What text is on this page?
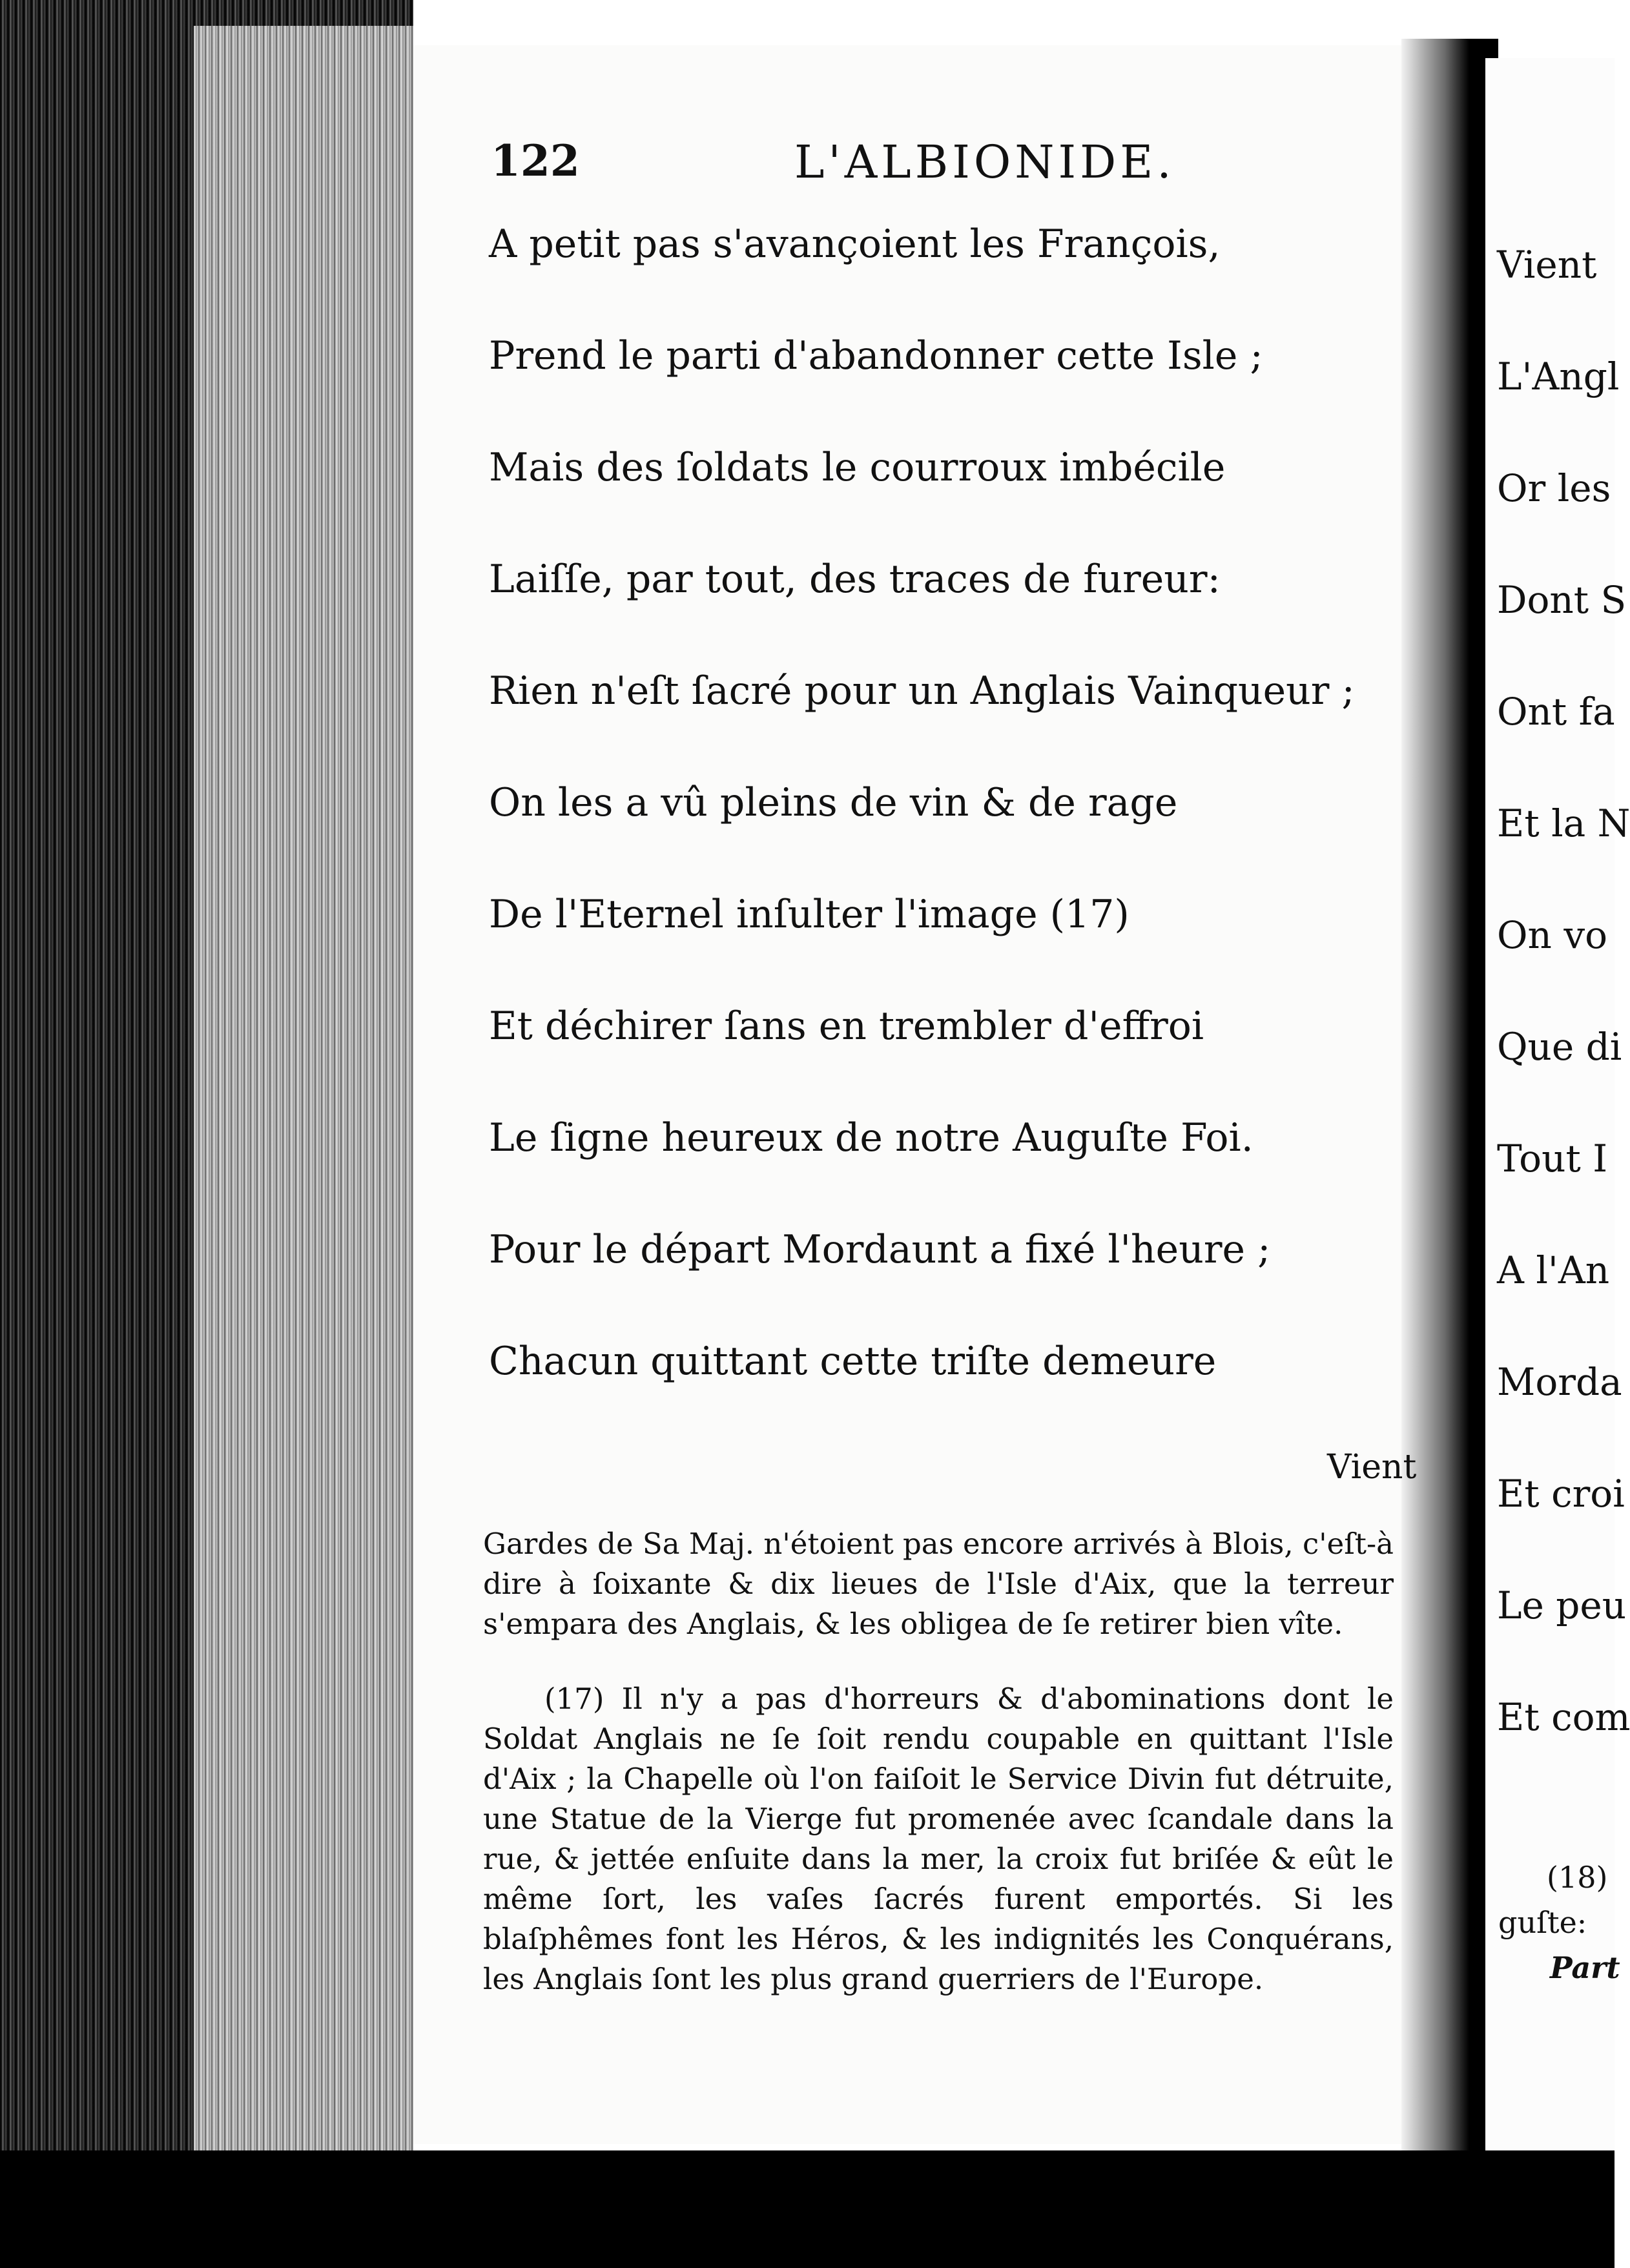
122	L'ALBIONIDE.
A petit pas s'avançoient les François,
Prend le parti d'abandonner cette Isle ;
Mais des ſoldats le courroux imbécile
Laiſſe, par tout, des traces de fureur:
Rien n'eſt ſacré pour un Anglais Vainqueur ;
On les a vû pleins de vin & de rage
De l'Eternel inſulter l'image (17)
Et déchirer ſans en trembler d'effroi
Le ſigne heureux de notre Auguſte Foi.
Pour le départ Mordaunt a fixé l'heure ;
Chacun quittant cette triſte demeure
Vient

Gardes de Sa Maj. n'étoient pas encore arrivés à Blois, c'eſt-à dire à ſoixante & dix lieues de l'Isle d'Aix, que la terreur s'empara des Anglais, & les obligea de ſe retirer bien vîte.

(17) Il n'y a pas d'horreurs & d'abominations dont le Soldat Anglais ne ſe ſoit rendu coupable en quittant l'Isle d'Aix ; la Chapelle où l'on faiſoit le Service Divin fut détruite, une Statue de la Vierge fut promenée avec ſcandale dans la rue, & jettée enſuite dans la mer, la croix fut briſée & eût le même ſort, les vaſes ſacrés furent emportés. Si les blaſphêmes font les Héros, & les indignités les Conquérans, les Anglais ſont les plus grand guerriers de l'Europe.

Vient
L'Angl
Or les
Dont S
Ont fa
Et la N
On vo
Que di
Tout I
A l'An
Morda
Et croi
Le peu
Et com
(18)
guſte:
Part
